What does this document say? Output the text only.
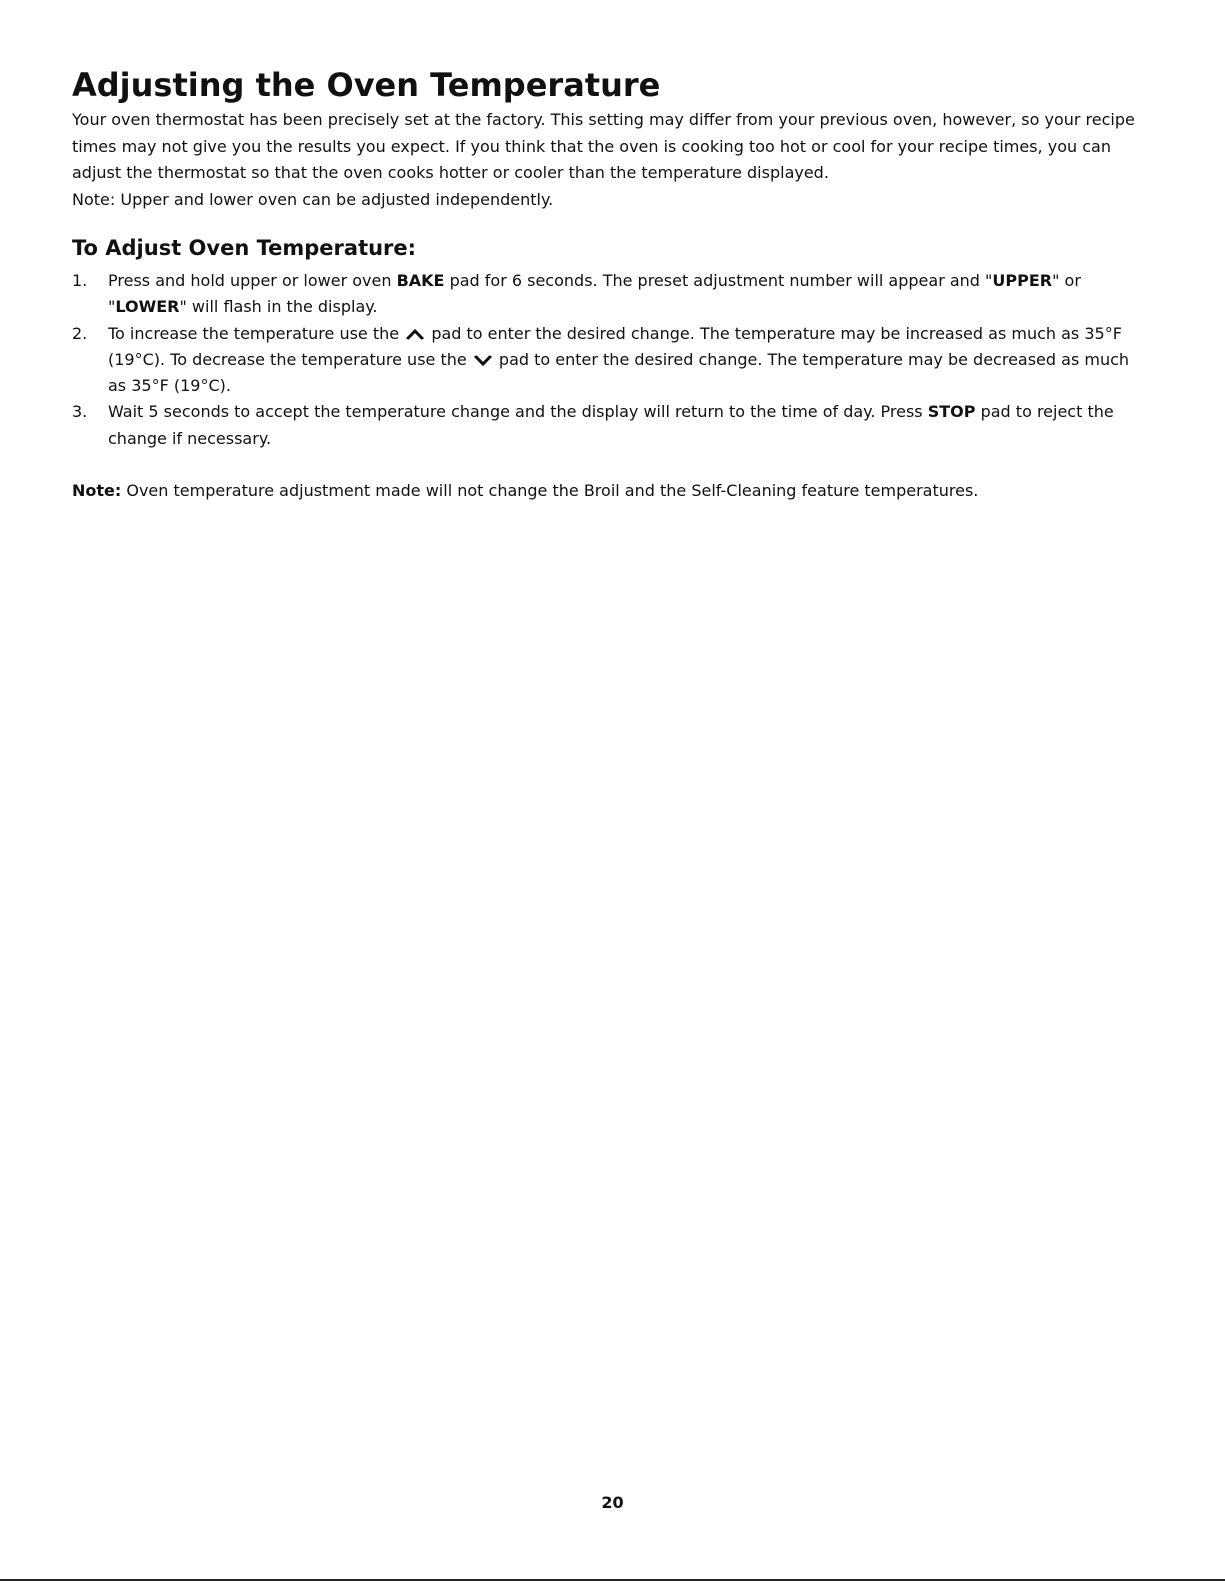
Adjusting the Oven Temperature

Your oven thermostat has been precisely set at the factory. This setting may differ from your previous oven, however, so your recipe times may not give you the results you expect. If you think that the oven is cooking too hot or cool for your recipe times, you can adjust the thermostat so that the oven cooks hotter or cooler than the temperature displayed.

Note: Upper and lower oven can be adjusted independently.

To Adjust Oven Temperature:
1. Press and hold upper or lower oven BAKE pad for 6 seconds. The preset adjustment number will appear and "UPPER" or "LOWER" will flash in the display.
2. To increase the temperature use the pad to enter the desired change. The temperature may be increased as much as 35°F (19°C). To decrease the temperature use the pad to enter the desired change. The temperature may be decreased as much as 35°F (19°C).
3. Wait 5 seconds to accept the temperature change and the display will return to the time of day. Press STOP pad to reject the change if necessary.

Note: Oven temperature adjustment made will not change the Broil and the Self-Cleaning feature temperatures.

20
